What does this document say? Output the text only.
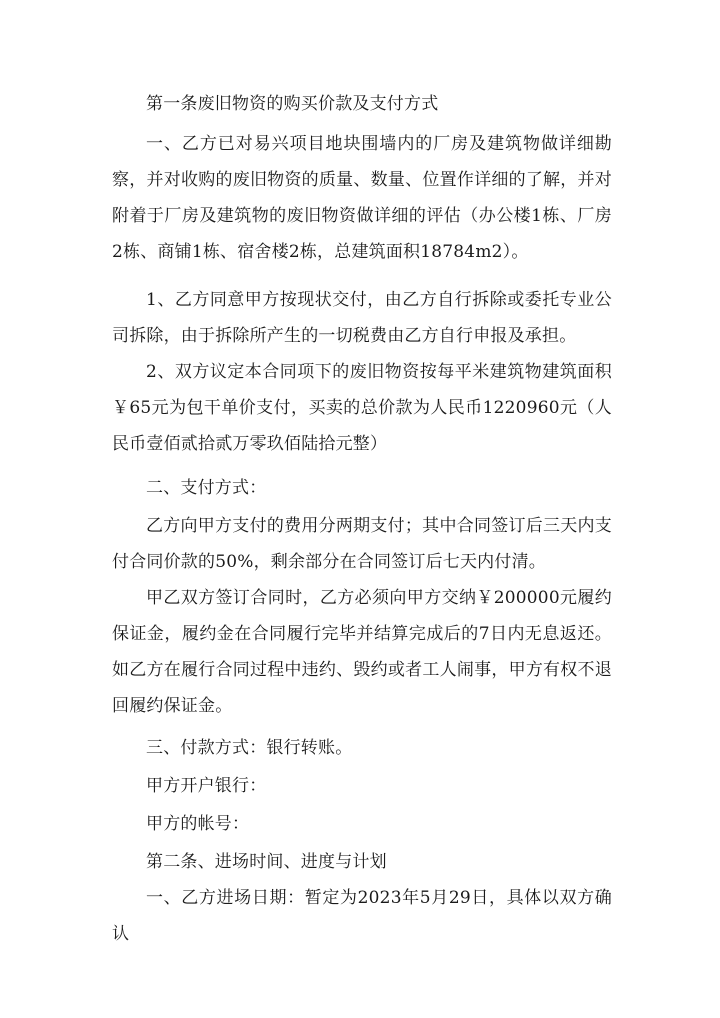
第一条废旧物资的购买价款及支付方式

一、乙方已对易兴项目地块围墙内的厂房及建筑物做详细勘察，并对收购的废旧物资的质量、数量、位置作详细的了解，并对附着于厂房及建筑物的废旧物资做详细的评估（办公楼1栋、厂房2栋、商铺1栋、宿舍楼2栋，总建筑面积18784m2）。

1、乙方同意甲方按现状交付，由乙方自行拆除或委托专业公司拆除，由于拆除所产生的一切税费由乙方自行申报及承担。

2、双方议定本合同项下的废旧物资按每平米建筑物建筑面积￥65元为包干单价支付，买卖的总价款为人民币1220960元（人民币壹佰贰拾贰万零玖佰陆拾元整）

二、支付方式：

乙方向甲方支付的费用分两期支付；其中合同签订后三天内支付合同价款的50%，剩余部分在合同签订后七天内付清。

甲乙双方签订合同时，乙方必须向甲方交纳￥200000元履约保证金，履约金在合同履行完毕并结算完成后的7日内无息返还。如乙方在履行合同过程中违约、毁约或者工人闹事，甲方有权不退回履约保证金。

三、付款方式：银行转账。

甲方开户银行：

甲方的帐号：

第二条、进场时间、进度与计划

一、乙方进场日期：暂定为2023年5月29日，具体以双方确认
